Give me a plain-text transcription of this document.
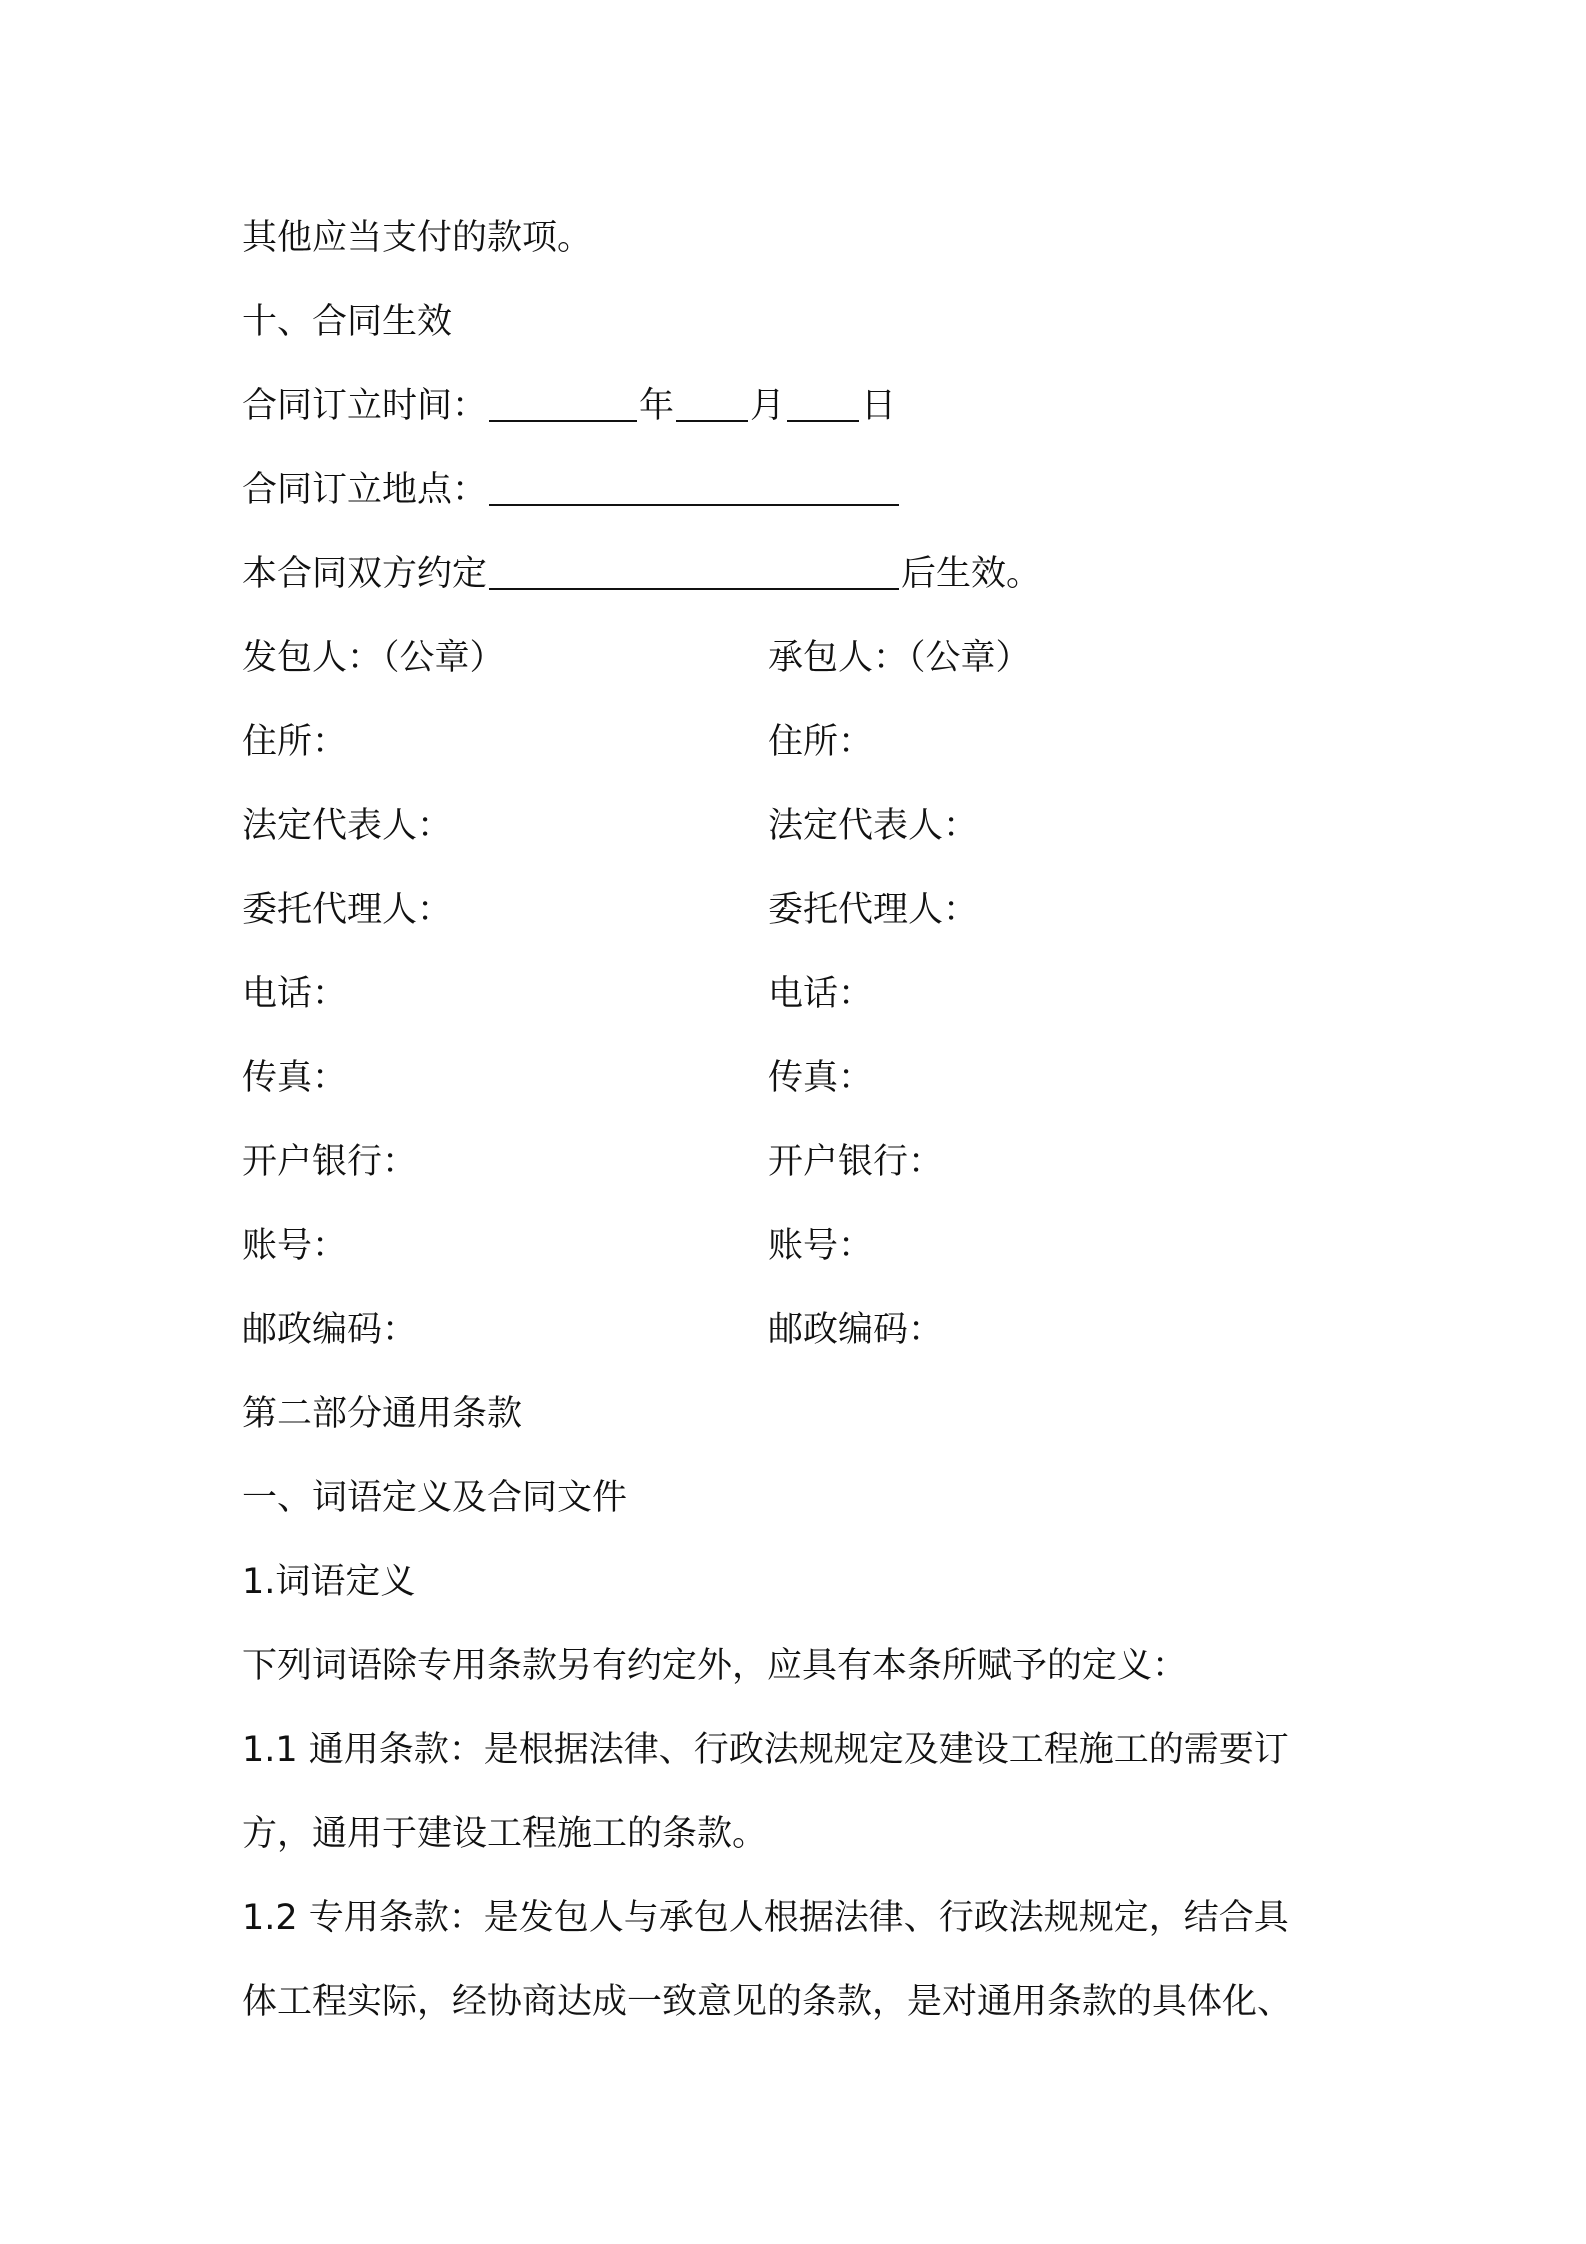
其他应当支付的款项。
十、合同生效
合同订立时间：	年 月 日
合同订立地点：
本合同双方约定	后生效。
发包人：（公章）	承包人：（公章）
住所：	住所：
法定代表人：	法定代表人：
委托代理人：	委托代理人：
电话：	电话：
传真：	传真：
开户银行：	开户银行：
账号：	账号：
邮政编码：	邮政编码：
第二部分通用条款
一、词语定义及合同文件
1.词语定义
下列词语除专用条款另有约定外，应具有本条所赋予的定义：
1.1 通用条款：是根据法律、行政法规规定及建设工程施工的需要订
方，通用于建设工程施工的条款。
1.2 专用条款：是发包人与承包人根据法律、行政法规规定，结合具
体工程实际，经协商达成一致意见的条款，是对通用条款的具体化、
